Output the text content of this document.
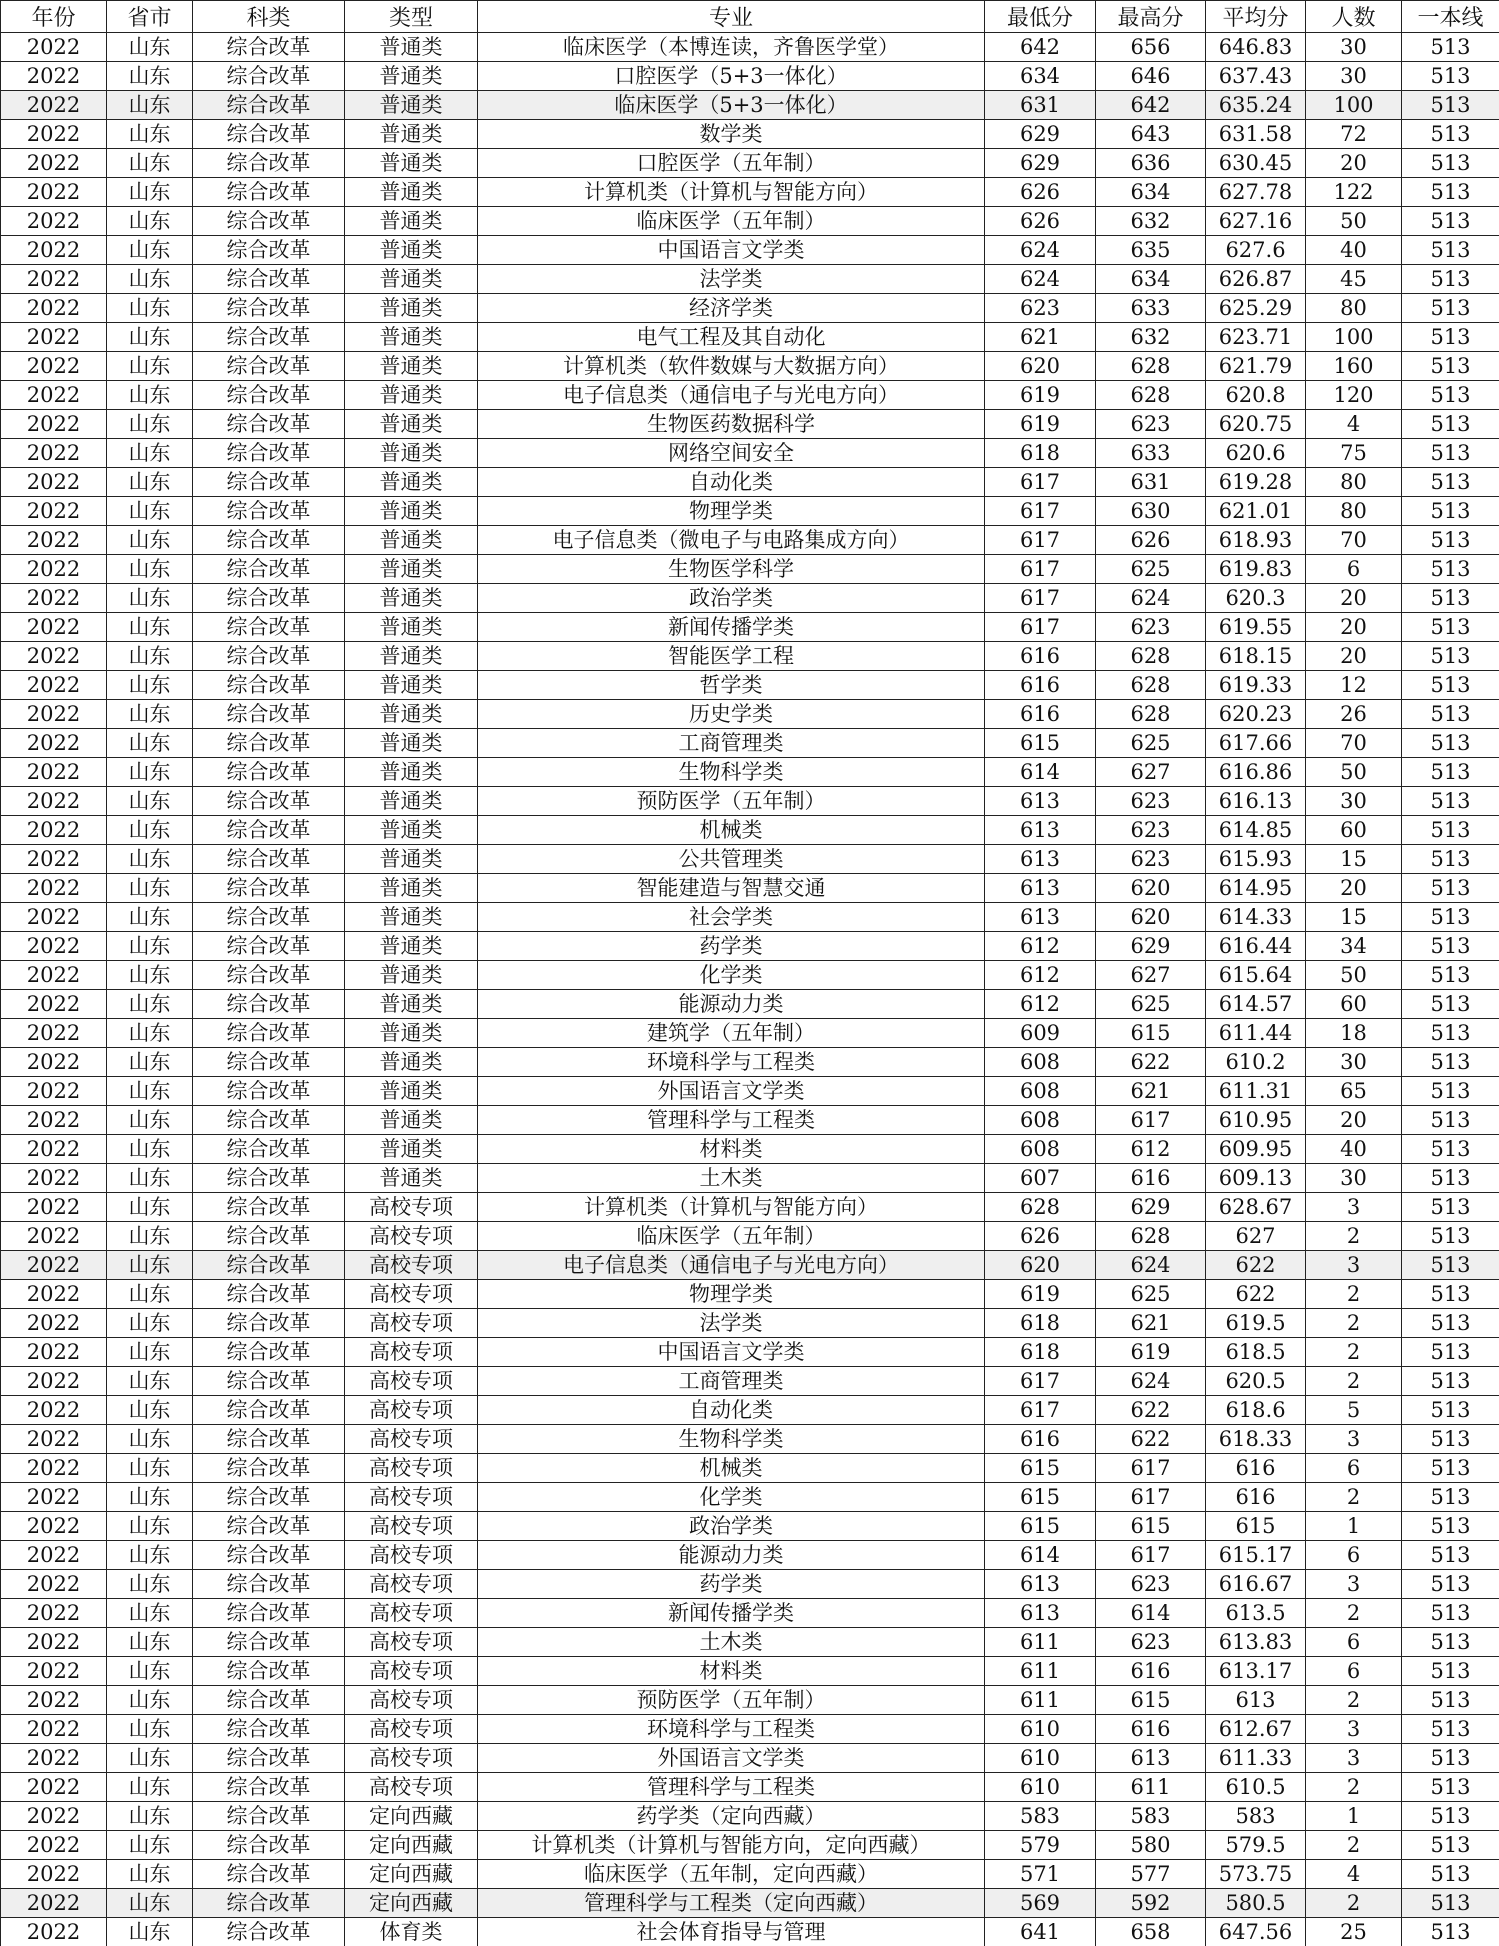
年份	省市	科类	类型	专业	最低分	最高分	平均分	人数	一本线
2022	山东	综合改革	普通类	临床医学（本博连读，齐鲁医学堂）	642	656	646.83	30	513
2022	山东	综合改革	普通类	口腔医学（5+3一体化）	634	646	637.43	30	513
2022	山东	综合改革	普通类	临床医学（5+3一体化）	631	642	635.24	100	513
2022	山东	综合改革	普通类	数学类	629	643	631.58	72	513
2022	山东	综合改革	普通类	口腔医学（五年制）	629	636	630.45	20	513
2022	山东	综合改革	普通类	计算机类（计算机与智能方向）	626	634	627.78	122	513
2022	山东	综合改革	普通类	临床医学（五年制）	626	632	627.16	50	513
2022	山东	综合改革	普通类	中国语言文学类	624	635	627.6	40	513
2022	山东	综合改革	普通类	法学类	624	634	626.87	45	513
2022	山东	综合改革	普通类	经济学类	623	633	625.29	80	513
2022	山东	综合改革	普通类	电气工程及其自动化	621	632	623.71	100	513
2022	山东	综合改革	普通类	计算机类（软件数媒与大数据方向）	620	628	621.79	160	513
2022	山东	综合改革	普通类	电子信息类（通信电子与光电方向）	619	628	620.8	120	513
2022	山东	综合改革	普通类	生物医药数据科学	619	623	620.75	4	513
2022	山东	综合改革	普通类	网络空间安全	618	633	620.6	75	513
2022	山东	综合改革	普通类	自动化类	617	631	619.28	80	513
2022	山东	综合改革	普通类	物理学类	617	630	621.01	80	513
2022	山东	综合改革	普通类	电子信息类（微电子与电路集成方向）	617	626	618.93	70	513
2022	山东	综合改革	普通类	生物医学科学	617	625	619.83	6	513
2022	山东	综合改革	普通类	政治学类	617	624	620.3	20	513
2022	山东	综合改革	普通类	新闻传播学类	617	623	619.55	20	513
2022	山东	综合改革	普通类	智能医学工程	616	628	618.15	20	513
2022	山东	综合改革	普通类	哲学类	616	628	619.33	12	513
2022	山东	综合改革	普通类	历史学类	616	628	620.23	26	513
2022	山东	综合改革	普通类	工商管理类	615	625	617.66	70	513
2022	山东	综合改革	普通类	生物科学类	614	627	616.86	50	513
2022	山东	综合改革	普通类	预防医学（五年制）	613	623	616.13	30	513
2022	山东	综合改革	普通类	机械类	613	623	614.85	60	513
2022	山东	综合改革	普通类	公共管理类	613	623	615.93	15	513
2022	山东	综合改革	普通类	智能建造与智慧交通	613	620	614.95	20	513
2022	山东	综合改革	普通类	社会学类	613	620	614.33	15	513
2022	山东	综合改革	普通类	药学类	612	629	616.44	34	513
2022	山东	综合改革	普通类	化学类	612	627	615.64	50	513
2022	山东	综合改革	普通类	能源动力类	612	625	614.57	60	513
2022	山东	综合改革	普通类	建筑学（五年制）	609	615	611.44	18	513
2022	山东	综合改革	普通类	环境科学与工程类	608	622	610.2	30	513
2022	山东	综合改革	普通类	外国语言文学类	608	621	611.31	65	513
2022	山东	综合改革	普通类	管理科学与工程类	608	617	610.95	20	513
2022	山东	综合改革	普通类	材料类	608	612	609.95	40	513
2022	山东	综合改革	普通类	土木类	607	616	609.13	30	513
2022	山东	综合改革	高校专项	计算机类（计算机与智能方向）	628	629	628.67	3	513
2022	山东	综合改革	高校专项	临床医学（五年制）	626	628	627	2	513
2022	山东	综合改革	高校专项	电子信息类（通信电子与光电方向）	620	624	622	3	513
2022	山东	综合改革	高校专项	物理学类	619	625	622	2	513
2022	山东	综合改革	高校专项	法学类	618	621	619.5	2	513
2022	山东	综合改革	高校专项	中国语言文学类	618	619	618.5	2	513
2022	山东	综合改革	高校专项	工商管理类	617	624	620.5	2	513
2022	山东	综合改革	高校专项	自动化类	617	622	618.6	5	513
2022	山东	综合改革	高校专项	生物科学类	616	622	618.33	3	513
2022	山东	综合改革	高校专项	机械类	615	617	616	6	513
2022	山东	综合改革	高校专项	化学类	615	617	616	2	513
2022	山东	综合改革	高校专项	政治学类	615	615	615	1	513
2022	山东	综合改革	高校专项	能源动力类	614	617	615.17	6	513
2022	山东	综合改革	高校专项	药学类	613	623	616.67	3	513
2022	山东	综合改革	高校专项	新闻传播学类	613	614	613.5	2	513
2022	山东	综合改革	高校专项	土木类	611	623	613.83	6	513
2022	山东	综合改革	高校专项	材料类	611	616	613.17	6	513
2022	山东	综合改革	高校专项	预防医学（五年制）	611	615	613	2	513
2022	山东	综合改革	高校专项	环境科学与工程类	610	616	612.67	3	513
2022	山东	综合改革	高校专项	外国语言文学类	610	613	611.33	3	513
2022	山东	综合改革	高校专项	管理科学与工程类	610	611	610.5	2	513
2022	山东	综合改革	定向西藏	药学类（定向西藏）	583	583	583	1	513
2022	山东	综合改革	定向西藏	计算机类（计算机与智能方向，定向西藏）	579	580	579.5	2	513
2022	山东	综合改革	定向西藏	临床医学（五年制，定向西藏）	571	577	573.75	4	513
2022	山东	综合改革	定向西藏	管理科学与工程类（定向西藏）	569	592	580.5	2	513
2022	山东	综合改革	体育类	社会体育指导与管理	641	658	647.56	25	513
